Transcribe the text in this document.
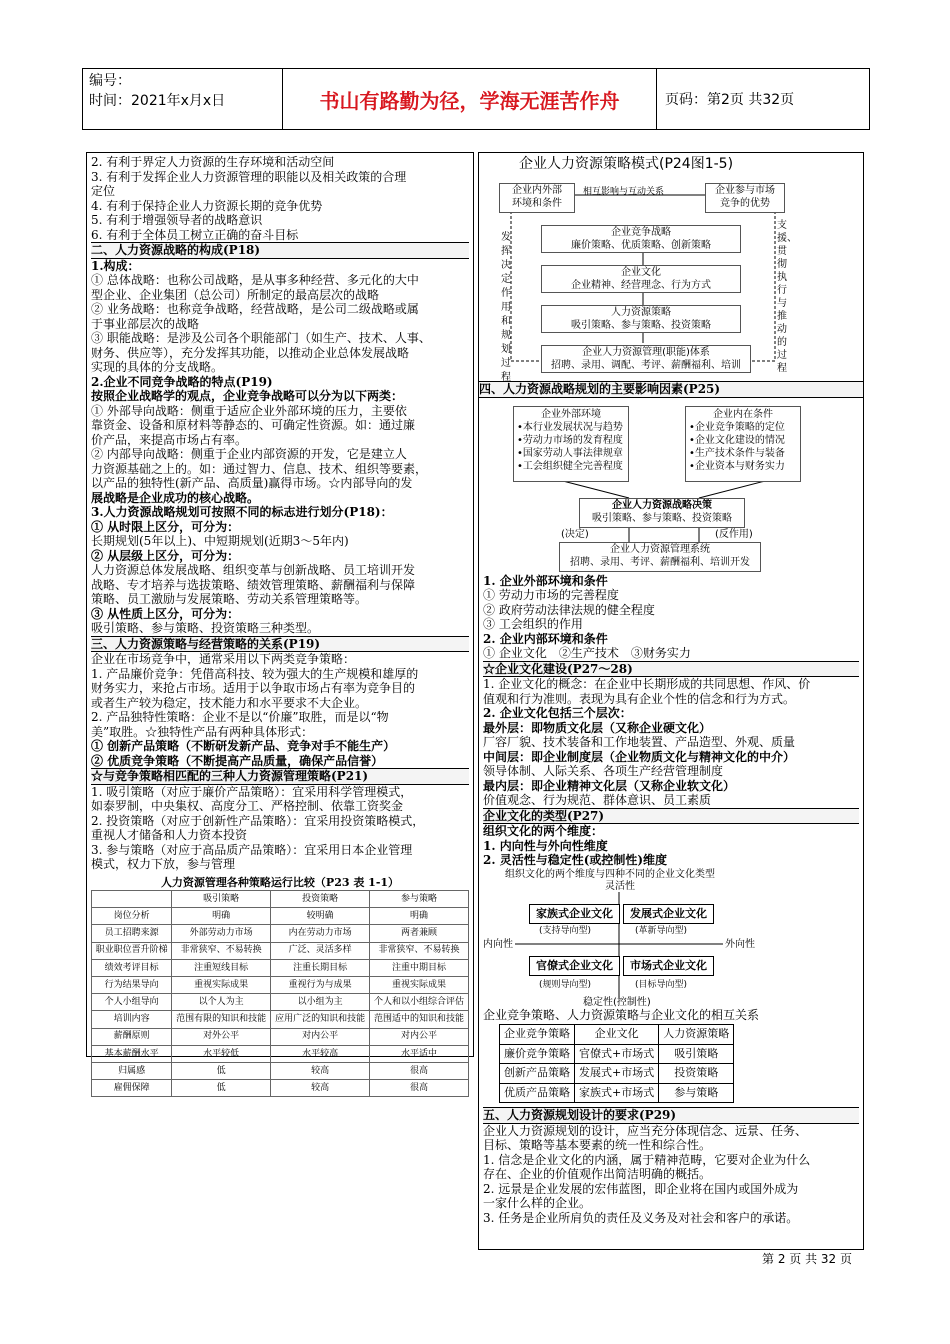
编号：
时间：2021年x月x日	书山有路勤为径，学海无涯苦作舟	页码：第2页 共32页
2. 有利于界定人力资源的生存环境和活动空间
3. 有利于发挥企业人力资源管理的职能以及相关政策的合理
定位
4. 有利于保持企业人力资源长期的竞争优势
5. 有利于增强领导者的战略意识
6. 有利于全体员工树立正确的奋斗目标
二、人力资源战略的构成(P18)
1.构成：
① 总体战略：也称公司战略，是从事多种经营、多元化的大中
型企业、企业集团（总公司）所制定的最高层次的战略
② 业务战略：也称竞争战略，经营战略，是公司二级战略或属
于事业部层次的战略
③ 职能战略：是涉及公司各个职能部门（如生产、技术、人事、
财务、供应等），充分发挥其功能，以推动企业总体发展战略
实现的具体的分支战略。
2.企业不同竞争战略的特点(P19)
按照企业战略学的观点，企业竞争战略可以分为以下两类：
① 外部导向战略：侧重于适应企业外部环境的压力，主要依
靠资金、设备和原材料等静态的、可确定性资源。如：通过廉
价产品，来提高市场占有率。
② 内部导向战略：侧重于企业内部资源的开发，它是建立人
力资源基础之上的。如：通过智力、信息、技术、组织等要素，
以产品的独特性(新产品、高质量)赢得市场。☆内部导向的发
展战略是企业成功的核心战略。
3.人力资源战略规划可按照不同的标志进行划分(P18)：
① 从时限上区分，可分为：
长期规划(5年以上)、中短期规划(近期3～5年内)
② 从层级上区分，可分为：
人力资源总体发展战略、组织变革与创新战略、员工培训开发
战略、专才培养与选拔策略、绩效管理策略、薪酬福利与保障
策略、员工激励与发展策略、劳动关系管理策略等。
③ 从性质上区分，可分为：
吸引策略、参与策略、投资策略三种类型。
三、人力资源策略与经营策略的关系(P19)
企业在市场竞争中，通常采用以下两类竞争策略：
1. 产品廉价竞争：凭借高科技、较为强大的生产规模和雄厚的
财务实力，来抢占市场。适用于以争取市场占有率为竞争目的
或者生产较为稳定，技术能力和水平要求不大企业。
2. 产品独特性策略：企业不是以“价廉”取胜，而是以“物
美”取胜。☆独特性产品有两种具体形式：
① 创新产品策略（不断研发新产品、竞争对手不能生产）
② 优质竞争策略（不断提高产品质量，确保产品信誉）
☆与竞争策略相匹配的三种人力资源管理策略(P21)
1. 吸引策略（对应于廉价产品策略）：宜采用科学管理模式，
如泰罗制，中央集权、高度分工、严格控制、依靠工资奖金
2. 投资策略（对应于创新性产品策略）：宜采用投资策略模式，
重视人才储备和人力资本投资
3. 参与策略（对应于高品质产品策略）：宜采用日本企业管理
模式，权力下放，参与管理
人力资源管理各种策略运行比较（P23 表 1-1）
	吸引策略	投资策略	参与策略
岗位分析	明确	较明确	明确
员工招聘来源	外部劳动力市场	内在劳动力市场	两者兼顾
职业职位晋升阶梯	非常狭窄、不易转换	广泛、灵活多样	非常狭窄、不易转换
绩效考评目标	注重短线目标	注重长期目标	注重中期目标
行为结果导向	重视实际成果	重视行为与成果	重视实际成果
个人小组导向	以个人为主	以小组为主	个人和以小组综合评估
培训内容	范围有限的知识和技能	应用广泛的知识和技能	范围适中的知识和技能
薪酬原则	对外公平	对内公平	对内公平
基本薪酬水平	水平较低	水平较高	水平适中
归属感	低	较高	很高
雇佣保障	低	较高	很高
企业人力资源策略模式(P24图1-5)
企业内外部
环境和条件
相互影响与互动关系	企业参与市场
竞争的优势
企业竞争战略
廉价策略、优质策略、创新策略
企业文化
企业精神、经营理念、行为方式
人力资源策略
吸引策略、参与策略、投资策略
企业人力资源管理(职能)体系
招聘、录用、调配、考评、薪酬福利、培训
发挥决定作用和规划过程
支援、贯彻执行与推动的过程
四、人力资源战略规划的主要影响因素(P25)
企业外部环境
•本行业发展状况与趋势
•劳动力市场的发育程度
•国家劳动人事法律规章
•工会组织健全完善程度
企业内在条件
•企业竞争策略的定位
•企业文化建设的情况
•生产技术条件与装备
•企业资本与财务实力
企业人力资源战略决策
吸引策略、参与策略、投资策略
(决定)	(反作用)
企业人力资源管理系统
招聘、录用、考评、薪酬福利、培训开发
1. 企业外部环境和条件
① 劳动力市场的完善程度
② 政府劳动法律法规的健全程度
③ 工会组织的作用
2. 企业内部环境和条件
① 企业文化　②生产技术　③财务实力
☆企业文化建设(P27～28)
1. 企业文化的概念：在企业中长期形成的共同思想、作风、价
值观和行为准则。表现为具有企业个性的信念和行为方式。
2. 企业文化包括三个层次：
最外层：即物质文化层（又称企业硬文化）
厂容厂貌、技术装备和工作地装置、产品造型、外观、质量
中间层：即企业制度层（企业物质文化与精神文化的中介）
领导体制、人际关系、各项生产经营管理制度
最内层：即企业精神文化层（又称企业软文化）
价值观念、行为规范、群体意识、员工素质
企业文化的类型(P27)
组织文化的两个维度：
1. 内向性与外向性维度
2. 灵活性与稳定性(或控制性)维度
组织文化的两个维度与四种不同的企业文化类型
灵活性
稳定性(控制性)
内向性	外向性
家族式企业文化
(支持导向型)
发展式企业文化
(革新导向型)
官僚式企业文化
(规则导向型)
市场式企业文化
(目标导向型)
企业竞争策略、人力资源策略与企业文化的相互关系
企业竞争策略	企业文化	人力资源策略
廉价竞争策略	官僚式+市场式	吸引策略
创新产品策略	发展式+市场式	投资策略
优质产品策略	家族式+市场式	参与策略
五、人力资源规划设计的要求(P29)
企业人力资源规划的设计，应当充分体现信念、远景、任务、
目标、策略等基本要素的统一性和综合性。
1. 信念是企业文化的内涵，属于精神范畴，它要对企业为什么
存在、企业的价值观作出简洁明确的概括。
2. 远景是企业发展的宏伟蓝图，即企业将在国内或国外成为
一家什么样的企业。
3. 任务是企业所肩负的责任及义务及对社会和客户的承诺。
第 2 页 共 32 页
